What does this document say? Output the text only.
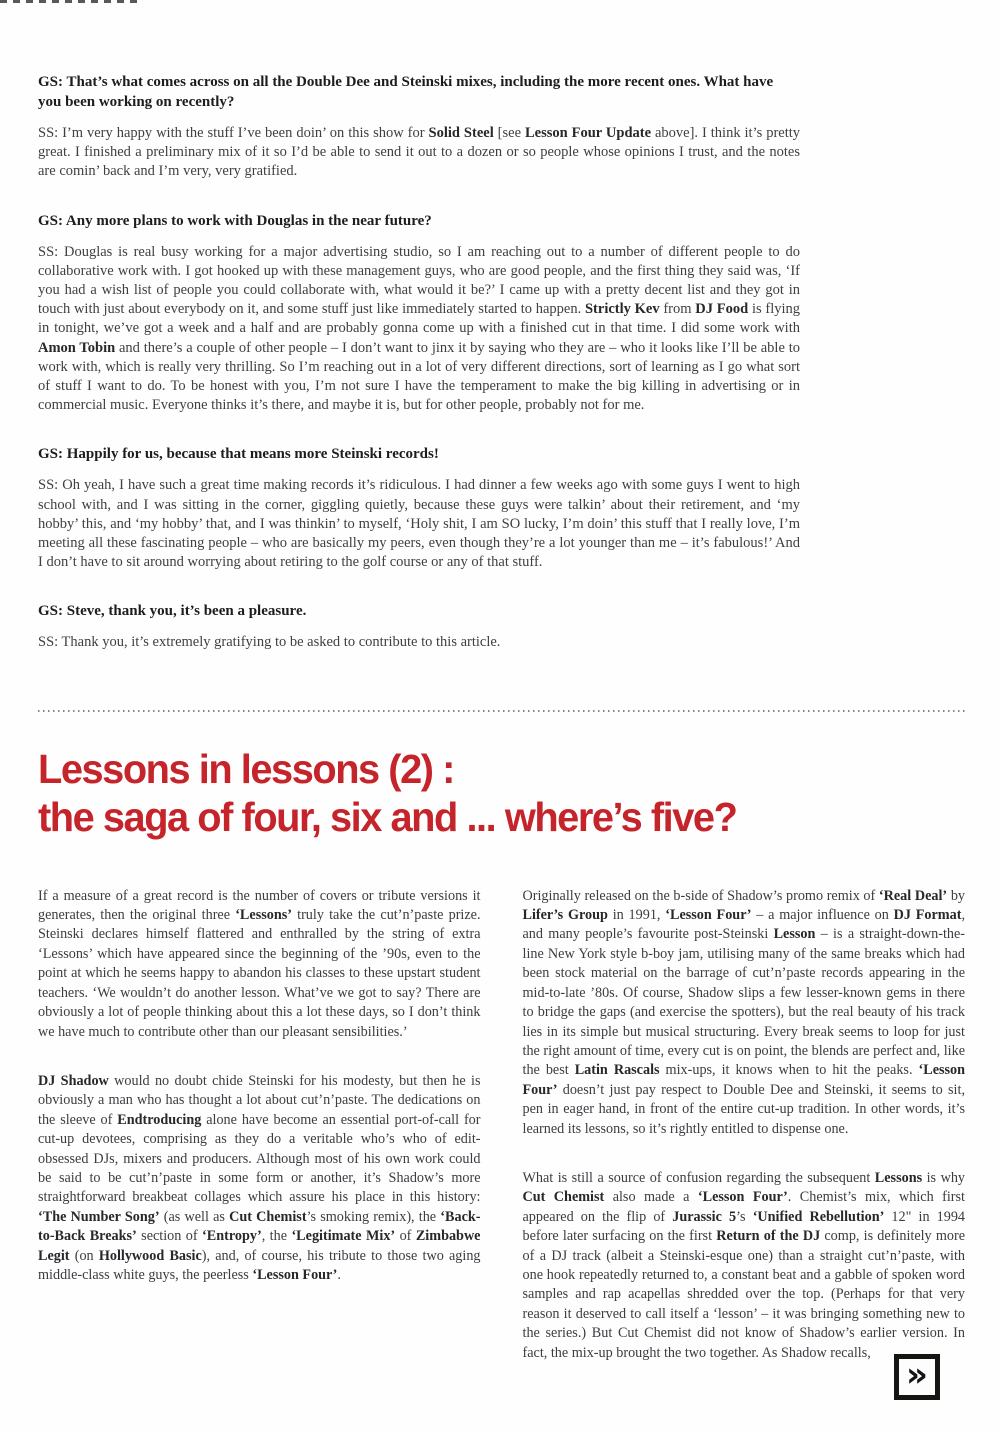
GS: That’s what comes across on all the Double Dee and Steinski mixes, including the more recent ones. What have you been working on recently?

SS: I’m very happy with the stuff I’ve been doin’ on this show for Solid Steel [see Lesson Four Update above]. I think it’s pretty great. I finished a preliminary mix of it so I’d be able to send it out to a dozen or so people whose opinions I trust, and the notes are comin’ back and I’m very, very gratified.

GS: Any more plans to work with Douglas in the near future?

SS: Douglas is real busy working for a major advertising studio, so I am reaching out to a number of different people to do collaborative work with. I got hooked up with these management guys, who are good people, and the first thing they said was, ‘If you had a wish list of people you could collaborate with, what would it be?’ I came up with a pretty decent list and they got in touch with just about everybody on it, and some stuff just like immediately started to happen. Strictly Kev from DJ Food is flying in tonight, we’ve got a week and a half and are probably gonna come up with a finished cut in that time. I did some work with Amon Tobin and there’s a couple of other people – I don’t want to jinx it by saying who they are – who it looks like I’ll be able to work with, which is really very thrilling. So I’m reaching out in a lot of very different directions, sort of learning as I go what sort of stuff I want to do. To be honest with you, I’m not sure I have the temperament to make the big killing in advertising or in commercial music. Everyone thinks it’s there, and maybe it is, but for other people, probably not for me.

GS: Happily for us, because that means more Steinski records!

SS: Oh yeah, I have such a great time making records it’s ridiculous. I had dinner a few weeks ago with some guys I went to high school with, and I was sitting in the corner, giggling quietly, because these guys were talkin’ about their retirement, and ‘my hobby’ this, and ‘my hobby’ that, and I was thinkin’ to myself, ‘Holy shit, I am SO lucky, I’m doin’ this stuff that I really love, I’m meeting all these fascinating people – who are basically my peers, even though they’re a lot younger than me – it’s fabulous!’ And I don’t have to sit around worrying about retiring to the golf course or any of that stuff.

GS: Steve, thank you, it’s been a pleasure.

SS: Thank you, it’s extremely gratifying to be asked to contribute to this article.

Lessons in lessons (2) :
the saga of four, six and ... where’s five?

If a measure of a great record is the number of covers or tribute versions it generates, then the original three ‘Lessons’ truly take the cut’n’paste prize. Steinski declares himself flattered and enthralled by the string of extra ‘Lessons’ which have appeared since the beginning of the ’90s, even to the point at which he seems happy to abandon his classes to these upstart student teachers. ‘We wouldn’t do another lesson. What’ve we got to say? There are obviously a lot of people thinking about this a lot these days, so I don’t think we have much to contribute other than our pleasant sensibilities.’

DJ Shadow would no doubt chide Steinski for his modesty, but then he is obviously a man who has thought a lot about cut’n’paste. The dedications on the sleeve of Endtroducing alone have become an essential port-of-call for cut-up devotees, comprising as they do a veritable who’s who of edit-obsessed DJs, mixers and producers. Although most of his own work could be said to be cut’n’paste in some form or another, it’s Shadow’s more straightforward breakbeat collages which assure his place in this history: ‘The Number Song’ (as well as Cut Chemist’s smoking remix), the ‘Back-to-Back Breaks’ section of ‘Entropy’, the ‘Legitimate Mix’ of Zimbabwe Legit (on Hollywood Basic), and, of course, his tribute to those two aging middle-class white guys, the peerless ‘Lesson Four’.

Originally released on the b-side of Shadow’s promo remix of ‘Real Deal’ by Lifer’s Group in 1991, ‘Lesson Four’ – a major influence on DJ Format, and many people’s favourite post-Steinski Lesson – is a straight-down-the-line New York style b-boy jam, utilising many of the same breaks which had been stock material on the barrage of cut’n’paste records appearing in the mid-to-late ’80s. Of course, Shadow slips a few lesser-known gems in there to bridge the gaps (and exercise the spotters), but the real beauty of his track lies in its simple but musical structuring. Every break seems to loop for just the right amount of time, every cut is on point, the blends are perfect and, like the best Latin Rascals mix-ups, it knows when to hit the peaks. ‘Lesson Four’ doesn’t just pay respect to Double Dee and Steinski, it seems to sit, pen in eager hand, in front of the entire cut-up tradition. In other words, it’s learned its lessons, so it’s rightly entitled to dispense one.

What is still a source of confusion regarding the subsequent Lessons is why Cut Chemist also made a ‘Lesson Four’. Chemist’s mix, which first appeared on the flip of Jurassic 5’s ‘Unified Rebellution’ 12" in 1994 before later surfacing on the first Return of the DJ comp, is definitely more of a DJ track (albeit a Steinski-esque one) than a straight cut’n’paste, with one hook repeatedly returned to, a constant beat and a gabble of spoken word samples and rap acapellas shredded over the top. (Perhaps for that very reason it deserved to call itself a ‘lesson’ – it was bringing something new to the series.) But Cut Chemist did not know of Shadow’s earlier version. In fact, the mix-up brought the two together. As Shadow recalls,

»
